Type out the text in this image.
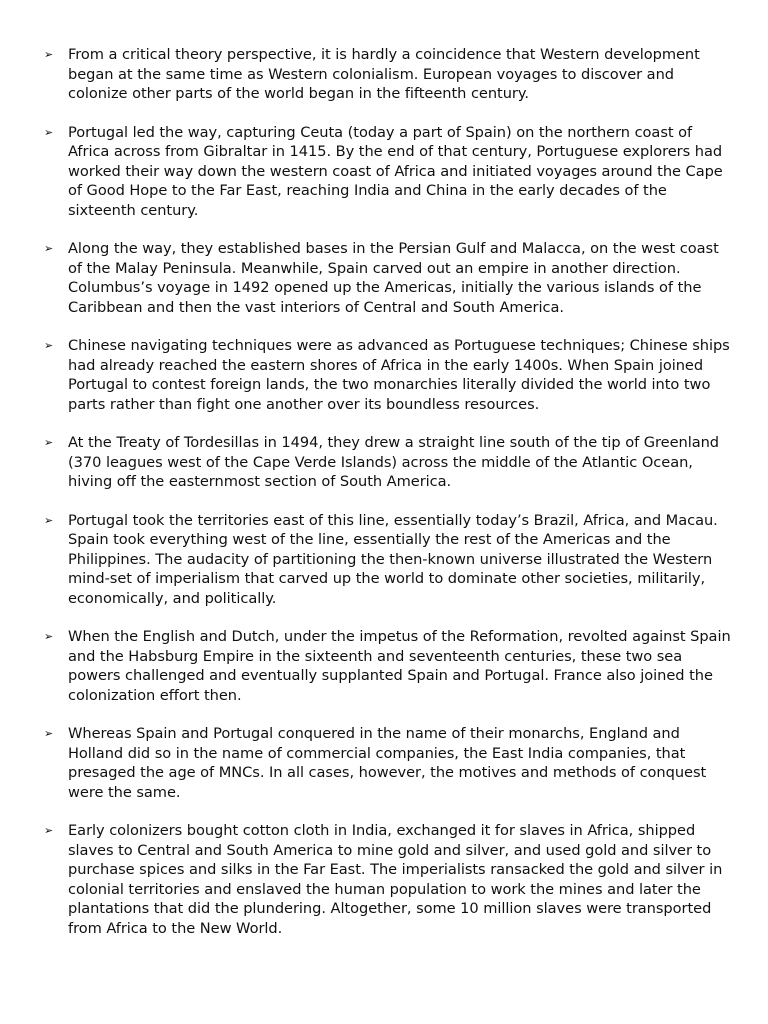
➢ From a critical theory perspective, it is hardly a coincidence that Western development began at the same time as Western colonialism. European voyages to discover and colonize other parts of the world began in the fifteenth century.
➢ Portugal led the way, capturing Ceuta (today a part of Spain) on the northern coast of Africa across from Gibraltar in 1415. By the end of that century, Portuguese explorers had worked their way down the western coast of Africa and initiated voyages around the Cape of Good Hope to the Far East, reaching India and China in the early decades of the sixteenth century.
➢ Along the way, they established bases in the Persian Gulf and Malacca, on the west coast of the Malay Peninsula. Meanwhile, Spain carved out an empire in another direction. Columbus’s voyage in 1492 opened up the Americas, initially the various islands of the Caribbean and then the vast interiors of Central and South America.
➢ Chinese navigating techniques were as advanced as Portuguese techniques; Chinese ships had already reached the eastern shores of Africa in the early 1400s. When Spain joined Portugal to contest foreign lands, the two monarchies literally divided the world into two parts rather than fight one another over its boundless resources.
➢ At the Treaty of Tordesillas in 1494, they drew a straight line south of the tip of Greenland (370 leagues west of the Cape Verde Islands) across the middle of the Atlantic Ocean, hiving off the easternmost section of South America.
➢ Portugal took the territories east of this line, essentially today’s Brazil, Africa, and Macau. Spain took everything west of the line, essentially the rest of the Americas and the Philippines. The audacity of partitioning the then-known universe illustrated the Western mind-set of imperialism that carved up the world to dominate other societies, militarily, economically, and politically.
➢ When the English and Dutch, under the impetus of the Reformation, revolted against Spain and the Habsburg Empire in the sixteenth and seventeenth centuries, these two sea powers challenged and eventually supplanted Spain and Portugal. France also joined the colonization effort then.
➢ Whereas Spain and Portugal conquered in the name of their monarchs, England and Holland did so in the name of commercial companies, the East India companies, that presaged the age of MNCs. In all cases, however, the motives and methods of conquest were the same.
➢ Early colonizers bought cotton cloth in India, exchanged it for slaves in Africa, shipped slaves to Central and South America to mine gold and silver, and used gold and silver to purchase spices and silks in the Far East. The imperialists ransacked the gold and silver in colonial territories and enslaved the human population to work the mines and later the plantations that did the plundering. Altogether, some 10 million slaves were transported from Africa to the New World.
